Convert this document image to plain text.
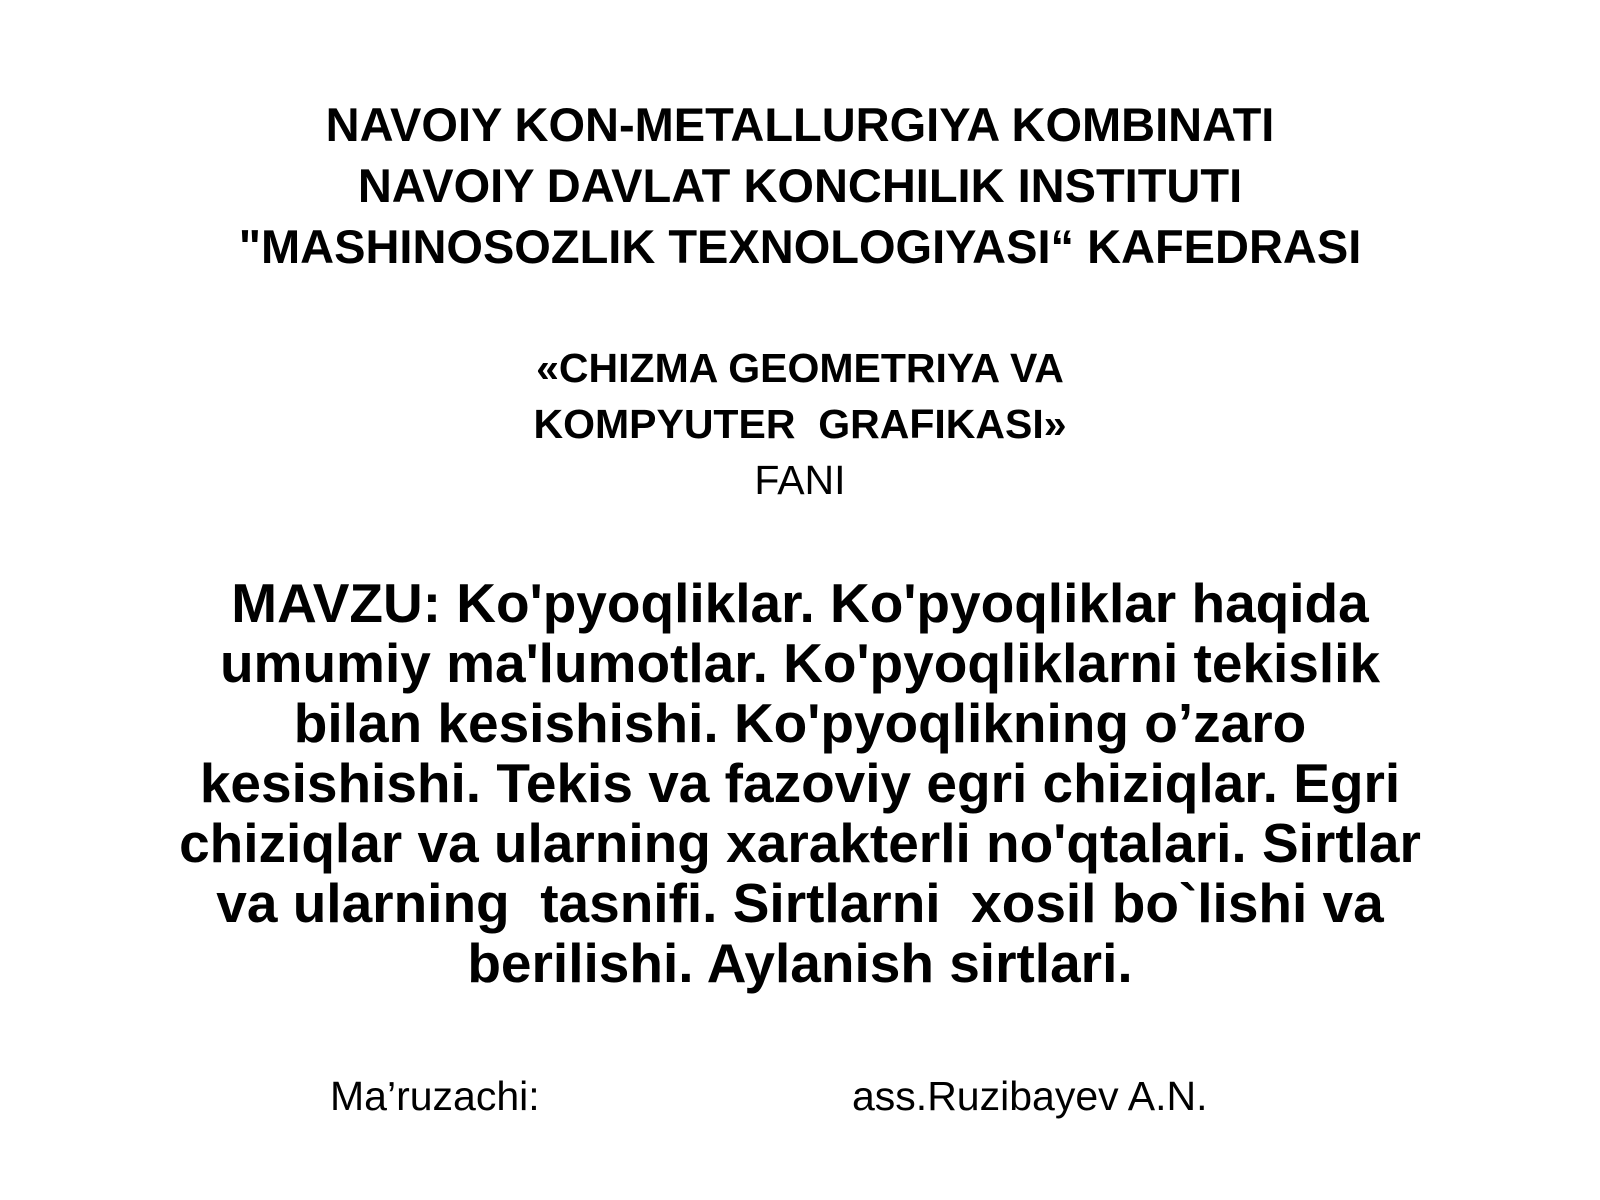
NAVOIY KON-METALLURGIYA KOMBINATI
NAVOIY DAVLAT KONCHILIK INSTITUTI
"MASHINOSOZLIK TEXNOLOGIYASI“ KAFEDRASI
«CHIZMA GEOMETRIYA VA
KOMPYUTER  GRAFIKASI»
FANI
MAVZU: Ko'pyoqliklar. Ko'pyoqliklar haqida
umumiy ma'lumotlar. Ko'pyoqliklarni tekislik
bilan kesishishi. Ko'pyoqlikning o’zaro
kesishishi. Tekis va fazoviy egri chiziqlar. Egri
chiziqlar va ularning xarakterli no'qtalari. Sirtlar
va ularning  tasnifi. Sirtlarni  xosil bo`lishi va
berilishi. Aylanish sirtlari.
Ma’ruzachi:	ass.Ruzibayev A.N.
